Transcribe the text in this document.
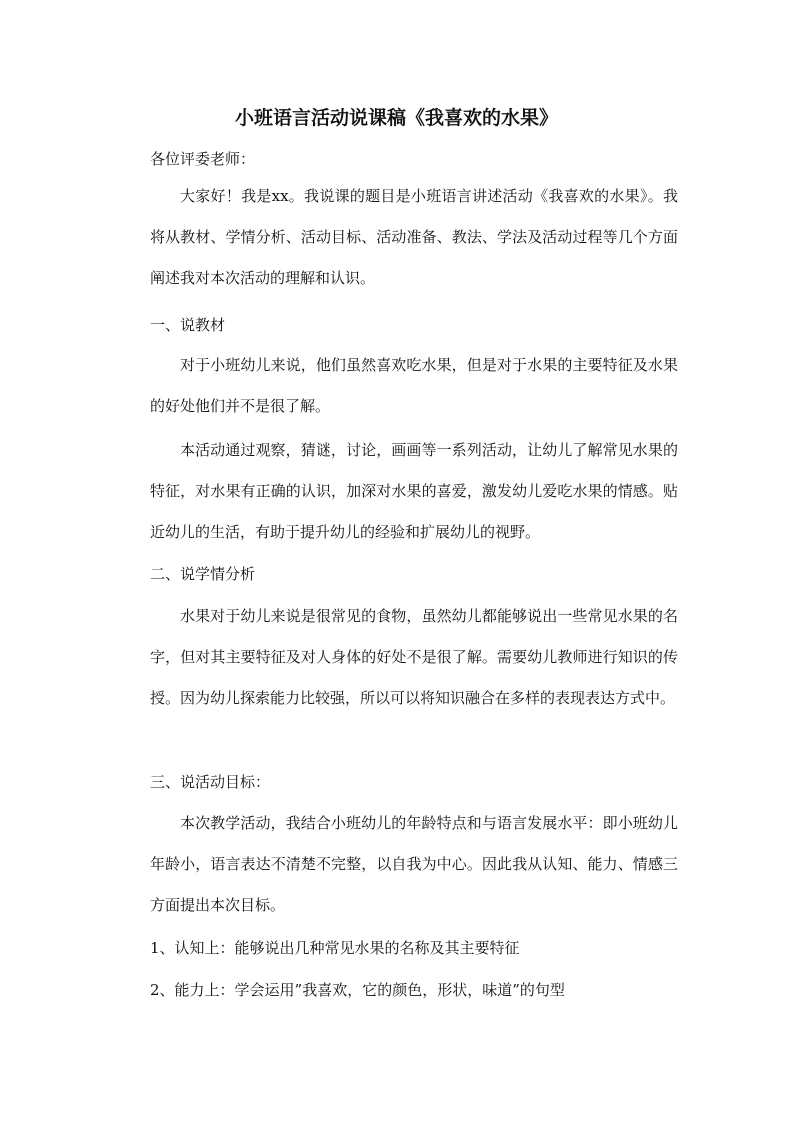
小班语言活动说课稿《我喜欢的水果》
各位评委老师：
大家好！我是xx。我说课的题目是小班语言讲述活动《我喜欢的水果》。我将从教材、学情分析、活动目标、活动准备、教法、学法及活动过程等几个方面阐述我对本次活动的理解和认识。
一、说教材
对于小班幼儿来说，他们虽然喜欢吃水果，但是对于水果的主要特征及水果的好处他们并不是很了解。
本活动通过观察，猜谜，讨论，画画等一系列活动，让幼儿了解常见水果的特征，对水果有正确的认识，加深对水果的喜爱，激发幼儿爱吃水果的情感。贴近幼儿的生活，有助于提升幼儿的经验和扩展幼儿的视野。
二、说学情分析
水果对于幼儿来说是很常见的食物，虽然幼儿都能够说出一些常见水果的名字，但对其主要特征及对人身体的好处不是很了解。需要幼儿教师进行知识的传授。因为幼儿探索能力比较强，所以可以将知识融合在多样的表现表达方式中。
三、说活动目标：
本次教学活动，我结合小班幼儿的年龄特点和与语言发展水平：即小班幼儿年龄小，语言表达不清楚不完整，以自我为中心。因此我从认知、能力、情感三方面提出本次目标。
1、认知上：能够说出几种常见水果的名称及其主要特征
2、能力上：学会运用”我喜欢，它的颜色，形状，味道”的句型
